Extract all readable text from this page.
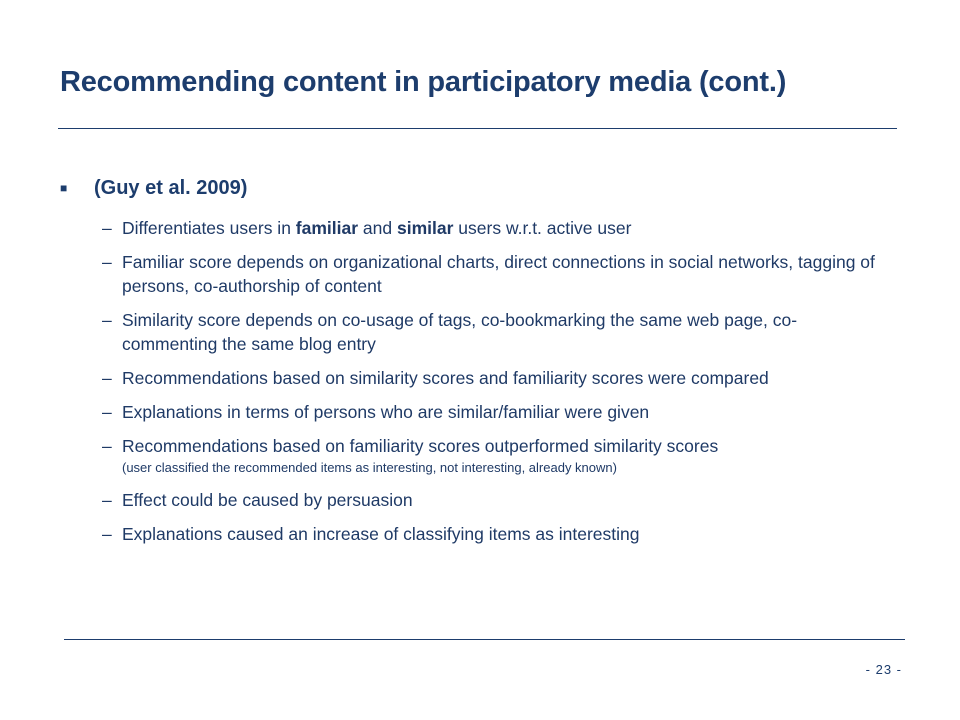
Recommending content in participatory media (cont.)
■	(Guy et al. 2009)
– Differentiates users in familiar and similar users w.r.t. active user
– Familiar score depends on organizational charts, direct connections in social networks, tagging of persons, co-authorship of content
– Similarity score depends on co-usage of tags, co-bookmarking the same web page, co-commenting the same blog entry
– Recommendations based on similarity scores and familiarity scores were compared
– Explanations in terms of persons who are similar/familiar were given
– Recommendations based on familiarity scores outperformed similarity scores
(user classified the recommended items as interesting, not interesting, already known)
– Effect could be caused by persuasion
– Explanations caused an increase of classifying items as interesting
- 23 -
